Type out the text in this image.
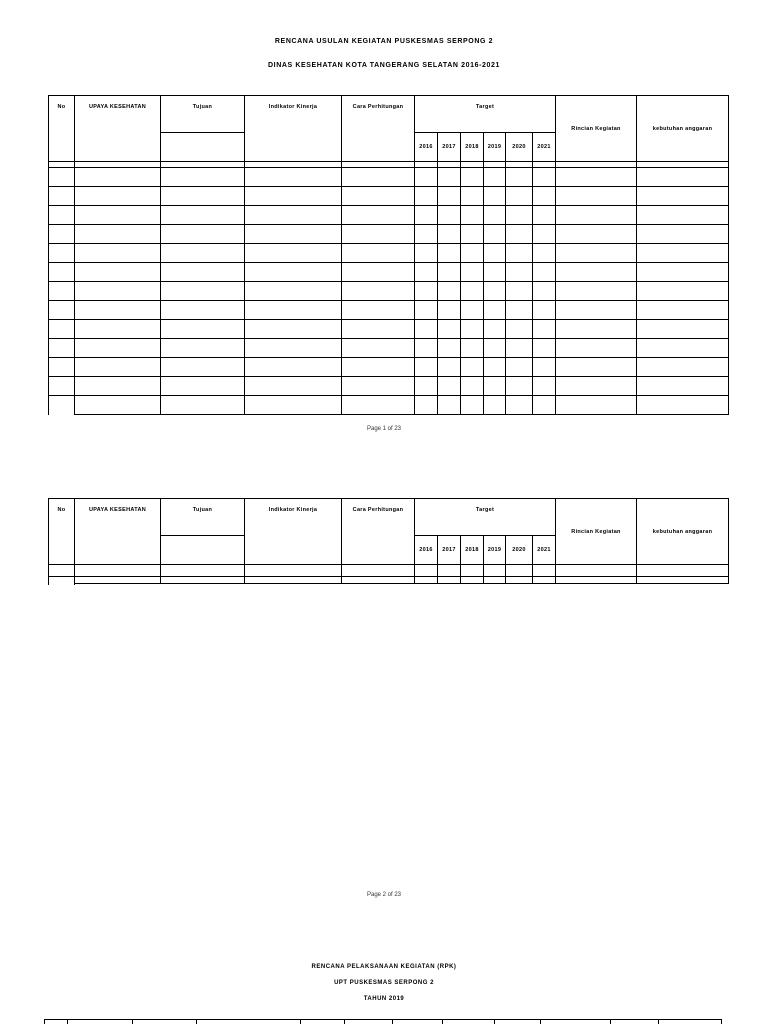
RENCANA USULAN KEGIATAN PUSKESMAS SERPONG 2
DINAS KESEHATAN KOTA TANGERANG SELATAN 2016-2021
No	UPAYA KESEHATAN	Tujuan	Indikator Kinerja	Cara Perhitungan	Target						Rincian Kegiatan	kebutuhan anggaran
					2016	2017	2018	2019	2020	2021		

Page 1 of 23
No	UPAYA KESEHATAN	Tujuan	Indikator Kinerja	Cara Perhitungan	Target						Rincian Kegiatan	kebutuhan anggaran
					2016	2017	2018	2019	2020	2021		

Page 2 of 23
RENCANA PELAKSANAAN KEGIATAN (RPK)
UPT PUSKESMAS SERPONG 2
TAHUN 2019
